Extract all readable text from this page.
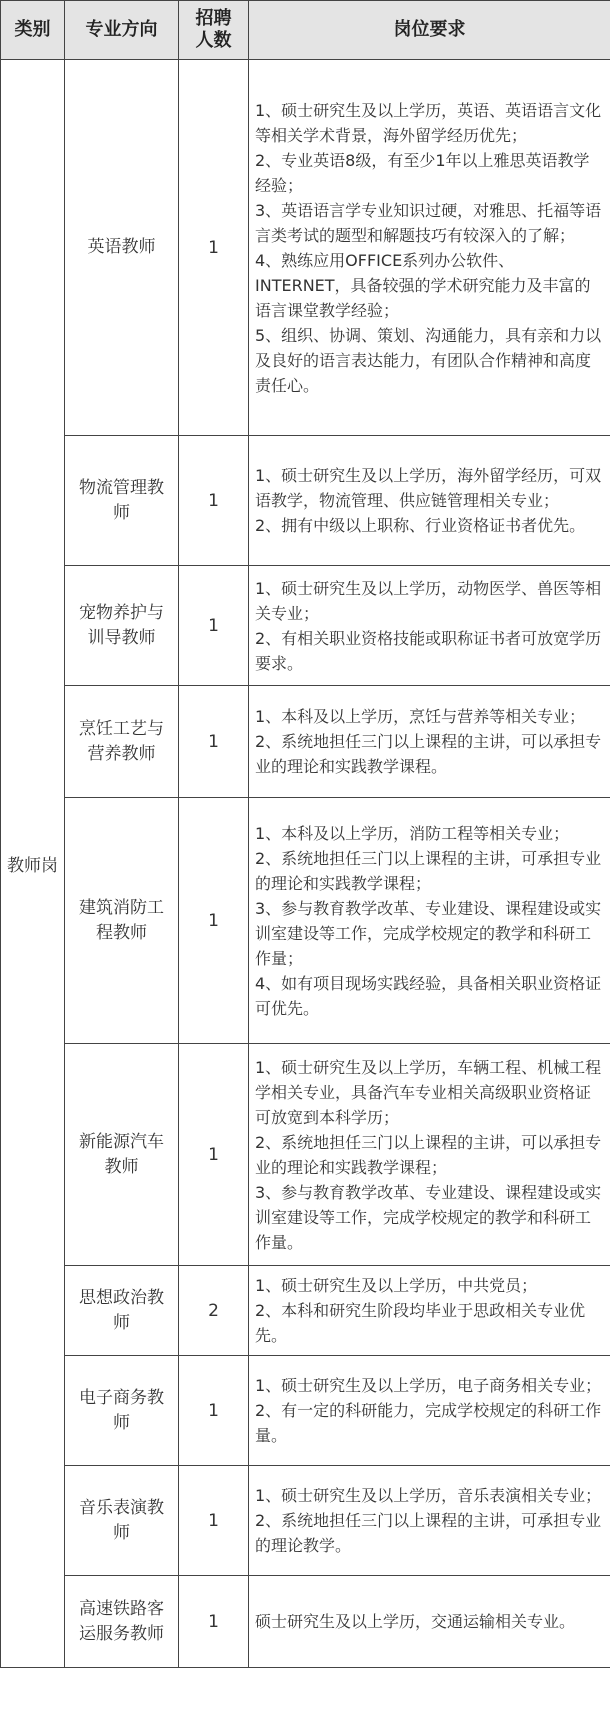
类别	专业方向	招聘人数	岗位要求
教师岗	英语教师	1	1、硕士研究生及以上学历，英语、英语语言文化等相关学术背景，海外留学经历优先；
2、专业英语8级，有至少1年以上雅思英语教学经验；
3、英语语言学专业知识过硬，对雅思、托福等语言类考试的题型和解题技巧有较深入的了解；
4、熟练应用OFFICE系列办公软件、INTERNET，具备较强的学术研究能力及丰富的语言课堂教学经验；
5、组织、协调、策划、沟通能力，具有亲和力以及良好的语言表达能力，有团队合作精神和高度责任心。

	物流管理教师	1	1、硕士研究生及以上学历，海外留学经历，可双语教学，物流管理、供应链管理相关专业；
2、拥有中级以上职称、行业资格证书者优先。

	宠物养护与训导教师	1	1、硕士研究生及以上学历，动物医学、兽医等相关专业；
2、有相关职业资格技能或职称证书者可放宽学历要求。

	烹饪工艺与营养教师	1	1、本科及以上学历，烹饪与营养等相关专业；
2、系统地担任三门以上课程的主讲，可以承担专业的理论和实践教学课程。

	建筑消防工程教师	1	1、本科及以上学历，消防工程等相关专业；
2、系统地担任三门以上课程的主讲，可承担专业的理论和实践教学课程；
3、参与教育教学改革、专业建设、课程建设或实训室建设等工作，完成学校规定的教学和科研工作量；
4、如有项目现场实践经验，具备相关职业资格证可优先。

	新能源汽车教师	1	1、硕士研究生及以上学历，车辆工程、机械工程学相关专业，具备汽车专业相关高级职业资格证可放宽到本科学历；
2、系统地担任三门以上课程的主讲，可以承担专业的理论和实践教学课程；
3、参与教育教学改革、专业建设、课程建设或实训室建设等工作，完成学校规定的教学和科研工作量。

	思想政治教师	2	1、硕士研究生及以上学历，中共党员；
2、本科和研究生阶段均毕业于思政相关专业优先。

	电子商务教师	1	1、硕士研究生及以上学历，电子商务相关专业；
2、有一定的科研能力，完成学校规定的科研工作量。

	音乐表演教师	1	1、硕士研究生及以上学历，音乐表演相关专业；
2、系统地担任三门以上课程的主讲，可承担专业的理论教学。

	高速铁路客运服务教师	1	硕士研究生及以上学历，交通运输相关专业。
